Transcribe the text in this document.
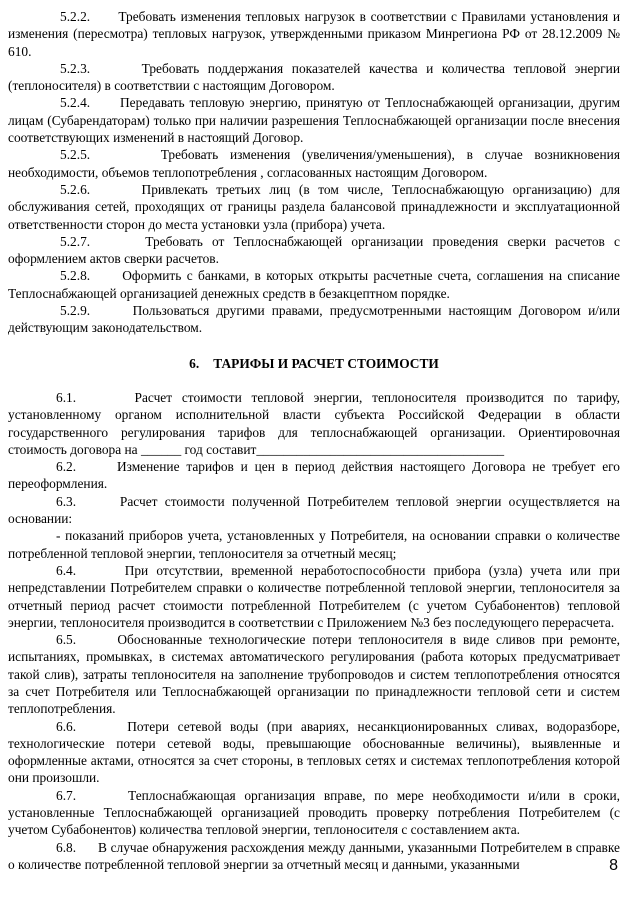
5.2.2. Требовать изменения тепловых нагрузок в соответствии с Правилами установления и изменения (пересмотра) тепловых нагрузок, утвержденными приказом Минрегиона РФ от 28.12.2009 № 610.

5.2.3.	Требовать поддержания показателей качества и количества тепловой энергии (теплоносителя) в соответствии с настоящим Договором.

5.2.4. Передавать тепловую энергию, принятую от Теплоснабжающей организации, другим лицам (Субарендаторам) только при наличии разрешения Теплоснабжающей организации после внесения соответствующих изменений в настоящий Договор.

5.2.5.	Требовать изменения (увеличения/уменьшения), в случае возникновения необходимости, объемов теплопотребления , согласованных настоящим Договором.

5.2.6.	Привлекать третьих лиц (в том числе, Теплоснабжающую организацию) для обслуживания сетей, проходящих от границы раздела балансовой принадлежности и эксплуатационной ответственности сторон до места установки узла (прибора) учета.

5.2.7.	Требовать от Теплоснабжающей организации проведения сверки расчетов с оформлением актов сверки расчетов.

5.2.8. Оформить с банками, в которых открыты расчетные счета, соглашения на списание Теплоснабжающей организацией денежных средств в безакцептном порядке.

5.2.9.	Пользоваться другими правами, предусмотренными настоящим Договором и/или действующим законодательством.

6. ТАРИФЫ И РАСЧЕТ СТОИМОСТИ

6.1.	Расчет стоимости тепловой энергии, теплоносителя производится по тарифу, установленному органом исполнительной власти субъекта Российской Федерации в области государственного регулирования тарифов для теплоснабжающей организации. Ориентировочная стоимость договора на ______ год составит_____________________________________

6.2.	Изменение тарифов и цен в период действия настоящего Договора не требует его переоформления.

6.3.	Расчет стоимости полученной Потребителем тепловой энергии осуществляется на основании:

- показаний приборов учета, установленных у Потребителя, на основании справки о количестве потребленной тепловой энергии, теплоносителя за отчетный месяц;

6.4.	При отсутствии, временной неработоспособности прибора (узла) учета или при непредставлении Потребителем справки о количестве потребленной тепловой энергии, теплоносителя за отчетный период расчет стоимости потребленной Потребителем (с учетом Субабонентов) тепловой энергии, теплоносителя производится в соответствии с Приложением №3 без последующего перерасчета.

6.5.	Обоснованные технологические потери теплоносителя в виде сливов при ремонте, испытаниях, промывках, в системах автоматического регулирования (работа которых предусматривает такой слив), затраты теплоносителя на заполнение трубопроводов и систем теплопотребления относятся за счет Потребителя или Теплоснабжающей организации по принадлежности тепловой сети и систем теплопотребления.

6.6.	Потери сетевой воды (при авариях, несанкционированных сливах, водоразборе, технологические потери сетевой воды, превышающие обоснованные величины), выявленные и оформленные актами, относятся за счет стороны, в тепловых сетях и системах теплопотребления которой они произошли.

6.7.	Теплоснабжающая организация вправе, по мере необходимости и/или в сроки, установленные Теплоснабжающей организацией проводить проверку потребления Потребителем (с учетом Субабонентов) количества тепловой энергии, теплоносителя с составлением акта.

6.8. В случае обнаружения расхождения между данными, указанными Потребителем в справке о количестве потребленной тепловой энергии за отчетный месяц и данными, указанными	8
